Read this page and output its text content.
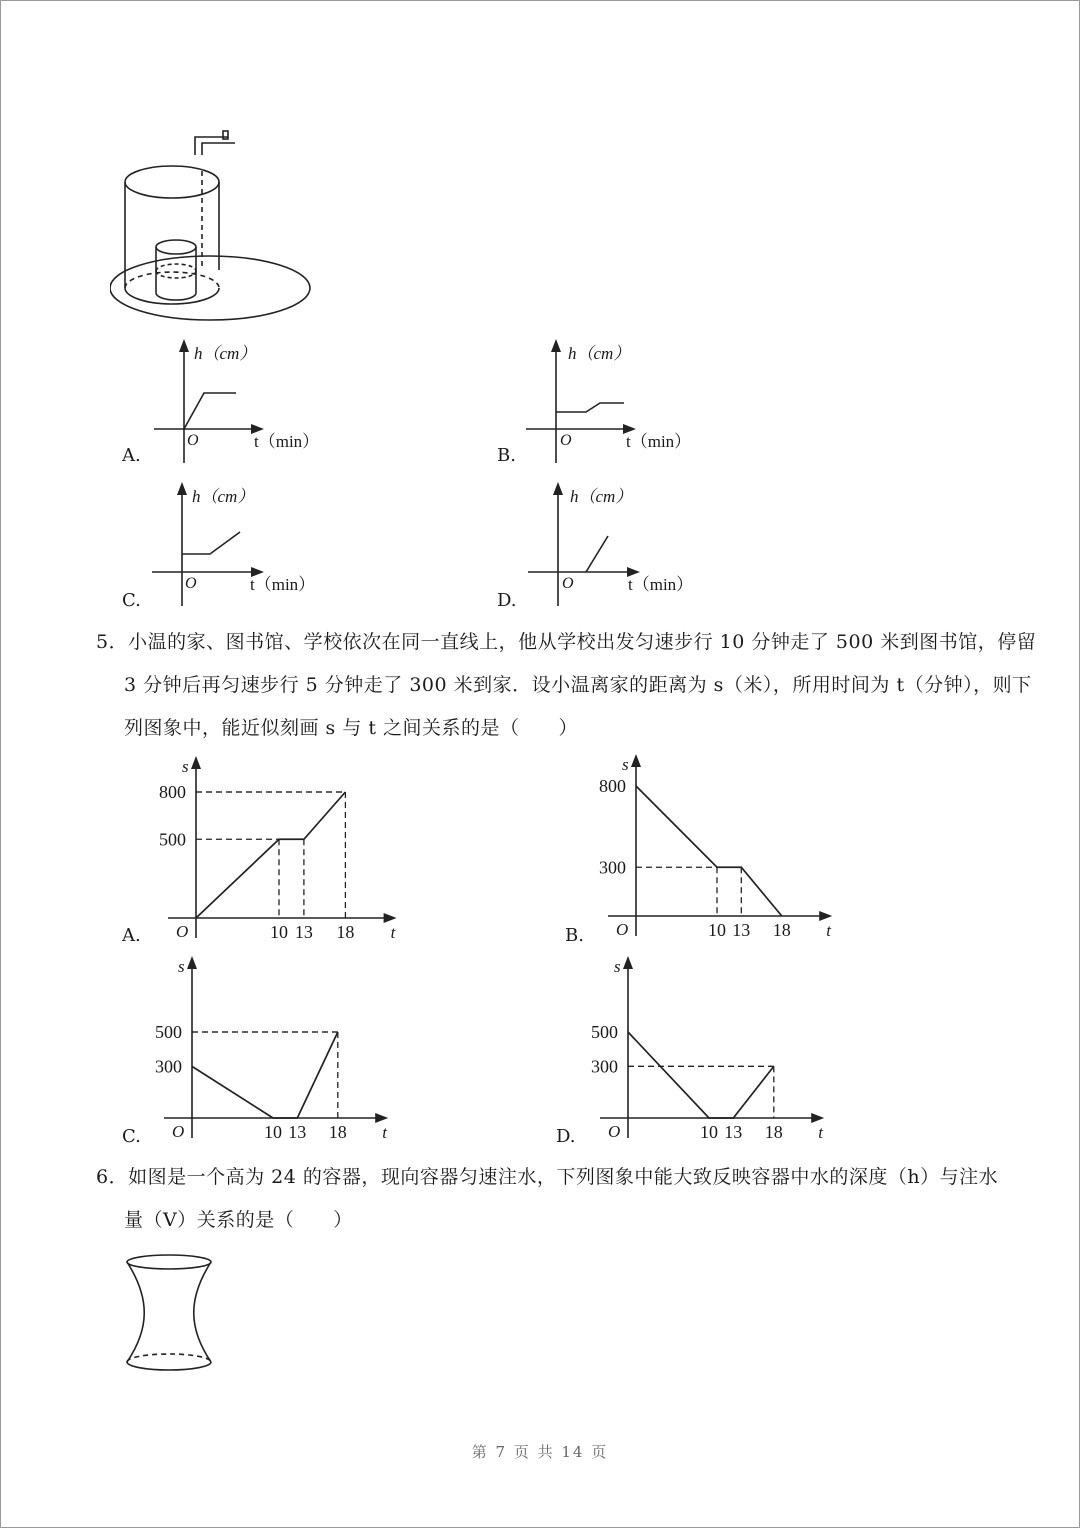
h（cm）
O	t（min）
A.
h（cm）
O	t（min）
B.
h（cm）
O	t（min）
C.
h（cm）
O	t（min）
D.
5．小温的家、图书馆、学校依次在同一直线上，他从学校出发匀速步行 10 分钟走了 500 米到图书馆，停留
3 分钟后再匀速步行 5 分钟走了 300 米到家．设小温离家的距离为 s（米），所用时间为 t（分钟），则下
列图象中，能近似刻画 s 与 t 之间关系的是（　　）
s
t
O	10 13 18
500
800
A.
s
t
O	10 13 18
300
800
B.
s
t
O	10 13 18
300
500
C.
s
t
O	10 13 18
300
500
D.
6．如图是一个高为 24 的容器，现向容器匀速注水，下列图象中能大致反映容器中水的深度（h）与注水
量（V）关系的是（　　）
第 7 页 共 14 页
